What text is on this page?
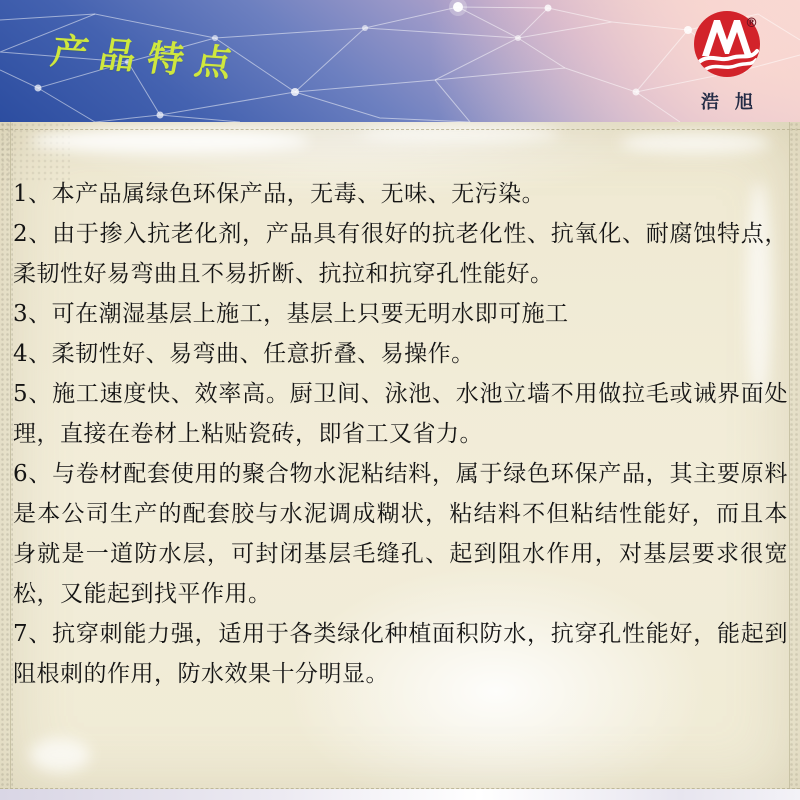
产品特点
®
浩旭

1、本产品属绿色环保产品，无毒、无味、无污染。

2、由于掺入抗老化剂，产品具有很好的抗老化性、抗氧化、耐腐蚀特点，柔韧性好易弯曲且不易折断、抗拉和抗穿孔性能好。

3、可在潮湿基层上施工，基层上只要无明水即可施工

4、柔韧性好、易弯曲、任意折叠、易操作。

5、施工速度快、效率高。厨卫间、泳池、水池立墙不用做拉毛或诫界面处理，直接在卷材上粘贴瓷砖，即省工又省力。

6、与卷材配套使用的聚合物水泥粘结料，属于绿色环保产品，其主要原料是本公司生产的配套胶与水泥调成糊状，粘结料不但粘结性能好，而且本身就是一道防水层，可封闭基层毛缝孔、起到阻水作用，对基层要求很宽松，又能起到找平作用。

7、抗穿刺能力强，适用于各类绿化种植面积防水，抗穿孔性能好，能起到阻根刺的作用，防水效果十分明显。
